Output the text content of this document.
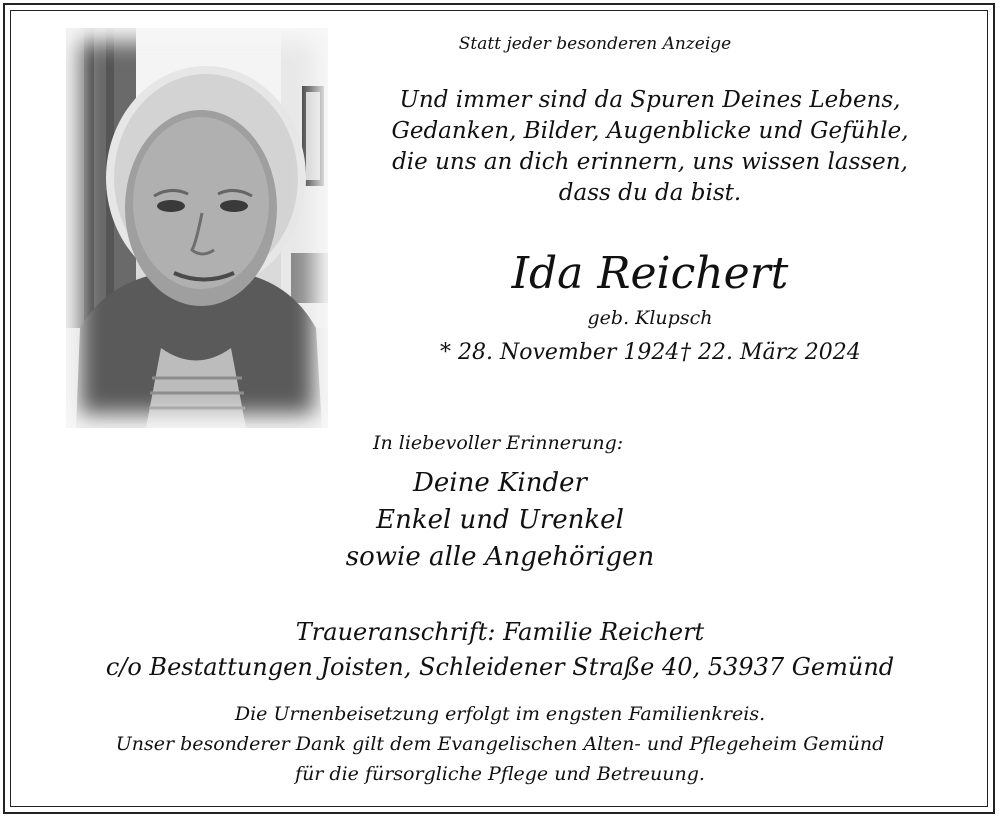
Statt jeder besonderen Anzeige
Und immer sind da Spuren Deines Lebens,
Gedanken, Bilder, Augenblicke und Gefühle,
die uns an dich erinnern, uns wissen lassen,
dass du da bist.
Ida Reichert
geb. Klupsch
* 28. November 1924 † 22. März 2024
In liebevoller Erinnerung:
Deine Kinder
Enkel und Urenkel
sowie alle Angehörigen
Traueranschrift: Familie Reichert
c/o Bestattungen Joisten, Schleidener Straße 40, 53937 Gemünd
Die Urnenbeisetzung erfolgt im engsten Familienkreis.
Unser besonderer Dank gilt dem Evangelischen Alten- und Pflegeheim Gemünd
für die fürsorgliche Pflege und Betreuung.
